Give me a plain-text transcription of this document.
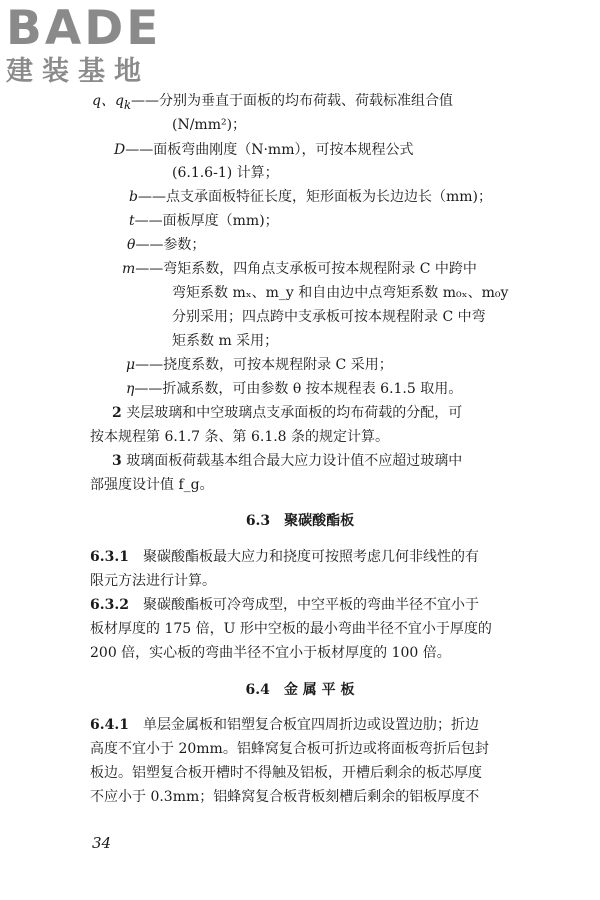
BADE
建装基地
q、$q_k——$分别为垂直于面板的均布荷载、荷载标准组合值
(N/mm²)；
D——面板弯曲刚度（N·mm），可按本规程公式
(6.1.6-1) 计算；
b——点支承面板特征长度，矩形面板为长边边长（mm)；
t——面板厚度（mm)；
θ——参数；
m——弯矩系数，四角点支承板可按本规程附录 C 中跨中
弯矩系数 mₓ、m_y 和自由边中点弯矩系数 m₀ₓ、m₀y
分别采用；四点跨中支承板可按本规程附录 C 中弯
矩系数 m 采用；
μ——挠度系数，可按本规程附录 C 采用；
η——折减系数，可由参数 θ 按本规程表 6.1.5 取用。
2 夹层玻璃和中空玻璃点支承面板的均布荷载的分配，可
按本规程第 6.1.7 条、第 6.1.8 条的规定计算。
3 玻璃面板荷载基本组合最大应力设计值不应超过玻璃中
部强度设计值 f_g。
6.3　聚碳酸酯板
6.3.1　聚碳酸酯板最大应力和挠度可按照考虑几何非线性的有
限元方法进行计算。
6.3.2　聚碳酸酯板可冷弯成型，中空平板的弯曲半径不宜小于
板材厚度的 175 倍，U 形中空板的最小弯曲半径不宜小于厚度的
200 倍，实心板的弯曲半径不宜小于板材厚度的 100 倍。
6.4　金 属 平 板
6.4.1　单层金属板和铝塑复合板宜四周折边或设置边肋；折边
高度不宜小于 20mm。铝蜂窝复合板可折边或将面板弯折后包封
板边。铝塑复合板开槽时不得触及铝板，开槽后剩余的板芯厚度
不应小于 0.3mm；铝蜂窝复合板背板刻槽后剩余的铝板厚度不
34
